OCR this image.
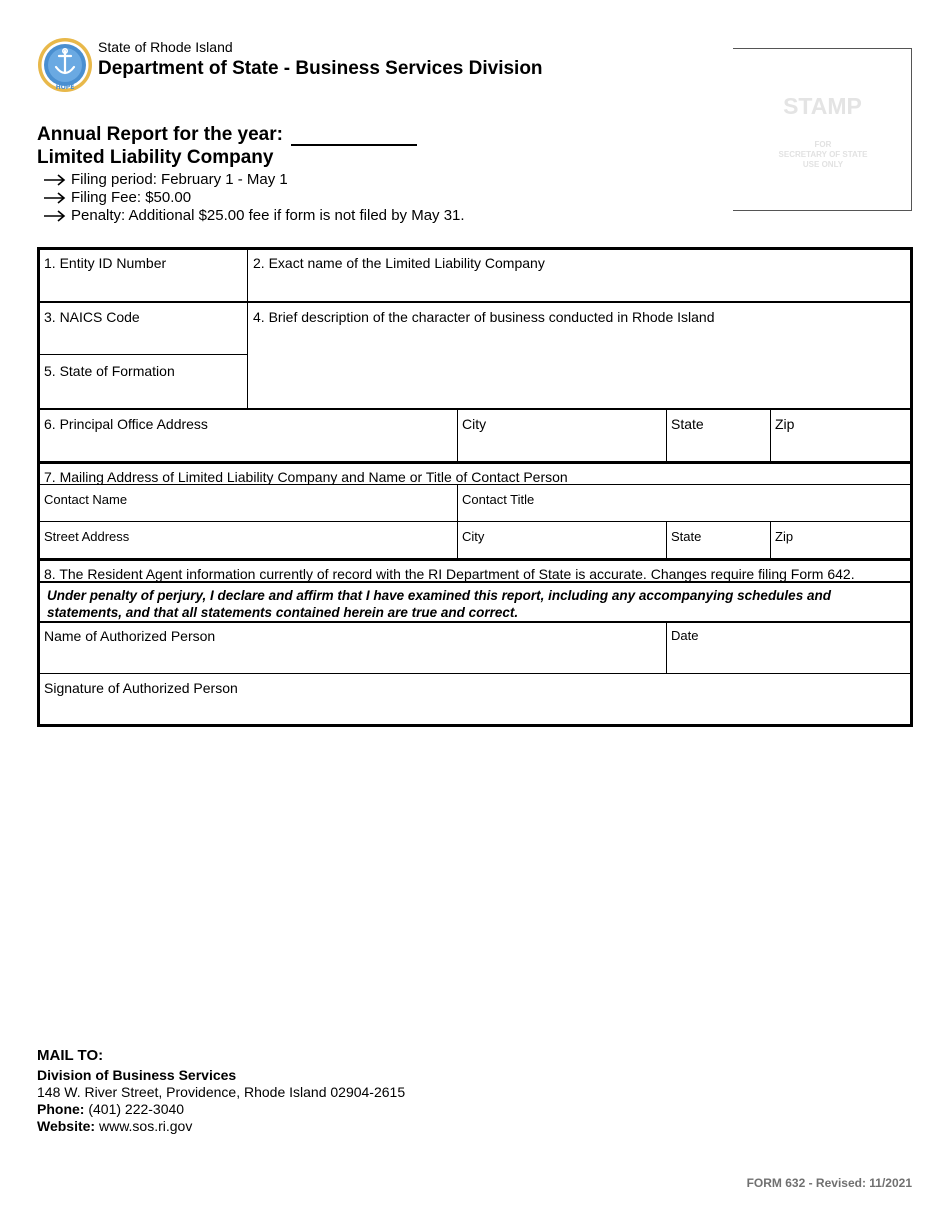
HOPE
State of Rhode Island
Department of State - Business Services Division
Annual Report for the year:
Limited Liability Company
Filing period: February 1 - May 1
Filing Fee: $50.00
Penalty: Additional $25.00 fee if form is not filed by May 31.
STAMP
FOR
SECRETARY OF STATE
USE ONLY
1. Entity ID Number	2. Exact name of the Limited Liability Company
3. NAICS Code	4. Brief description of the character of business conducted in Rhode Island
5. State of Formation
6. Principal Office Address	City	State	Zip
7. Mailing Address of Limited Liability Company and Name or Title of Contact Person
Contact Name	Contact Title
Street Address	City	State	Zip
8. The Resident Agent information currently of record with the RI Department of State is accurate. Changes require filing Form 642.
Under penalty of perjury, I declare and affirm that I have examined this report, including any accompanying schedules and statements, and that all statements contained herein are true and correct.
Name of Authorized Person	Date
Signature of Authorized Person
MAIL TO:
Division of Business Services
148 W. River Street, Providence, Rhode Island 02904-2615
Phone: (401) 222-3040
Website: www.sos.ri.gov
FORM 632 - Revised: 11/2021
